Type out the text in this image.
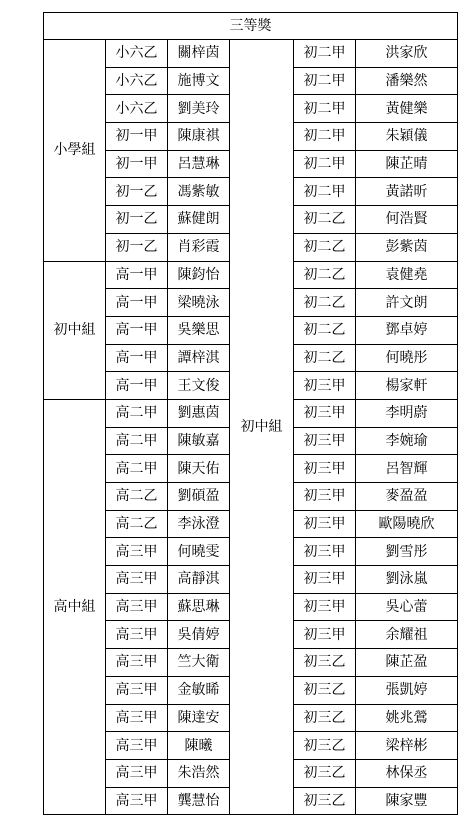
三等獎					
小學組	小六乙	關梓茵	初中組	初二甲	洪家欣
	小六乙	施博文		初二甲	潘樂然
	小六乙	劉美玲		初二甲	黃健樂
	初一甲	陳康祺		初二甲	朱穎儀
	初一甲	呂慧琳		初二甲	陳芷晴
	初一乙	馮紫敏		初二甲	黃諾昕
	初一乙	蘇健朗		初二乙	何浩賢
	初一乙	肖彩霞		初二乙	彭紫茵
初中組	高一甲	陳鈞怡		初二乙	袁健堯
	高一甲	梁曉泳		初二乙	許文朗
	高一甲	吳樂思		初二乙	鄧卓婷
	高一甲	譚梓淇		初二乙	何曉彤
	高一甲	王文俊		初三甲	楊家軒
高中組	高二甲	劉惠茵		初三甲	李明蔚
	高二甲	陳敏嘉		初三甲	李婉瑜
	高二甲	陳天佑		初三甲	呂智輝
	高二乙	劉碩盈		初三甲	麥盈盈
	高二乙	李泳澄		初三甲	歐陽曉欣
	高三甲	何曉雯		初三甲	劉雪彤
	高三甲	高靜淇		初三甲	劉泳嵐
	高三甲	蘇思琳		初三甲	吳心蕾
	高三甲	吳倩婷		初三甲	余耀祖
	高三甲	竺大衛		初三乙	陳芷盈
	高三甲	金敏睎		初三乙	張凱婷
	高三甲	陳達安		初三乙	姚兆鶯
	高三甲	陳曦		初三乙	梁梓彬
	高三甲	朱浩然		初三乙	林保丞
	高三甲	龔慧怡		初三乙	陳家豐
